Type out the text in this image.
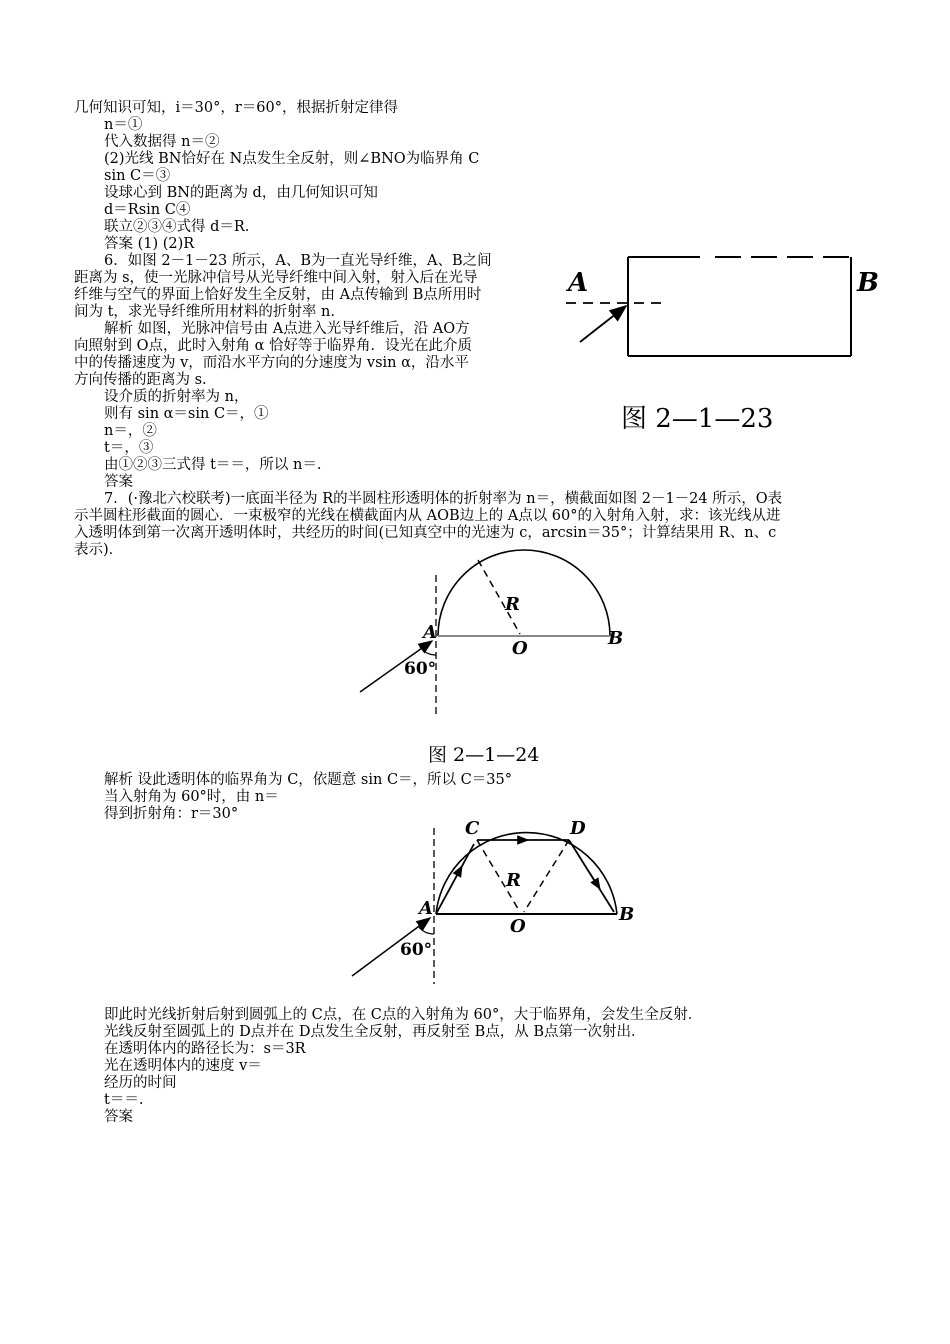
几何知识可知，i＝30°，r＝60°，根据折射定律得
n＝①
代入数据得 n＝②
(2)光线 BN恰好在 N点发生全反射，则∠BNO为临界角 C
sin C＝③
设球心到 BN的距离为 d，由几何知识可知
d＝Rsin C④
联立②③④式得 d＝R.
答案 (1) (2)R
6．如图 2－1－23 所示，A、B为一直光导纤维，A、B之间
距离为 s，使一光脉冲信号从光导纤维中间入射，射入后在光导
纤维与空气的界面上恰好发生全反射，由 A点传输到 B点所用时
间为 t，求光导纤维所用材料的折射率 n.
解析 如图，光脉冲信号由 A点进入光导纤维后，沿 AO方
向照射到 O点，此时入射角 α 恰好等于临界角．设光在此介质
中的传播速度为 v，而沿水平方向的分速度为 vsin α，沿水平
方向传播的距离为 s.
设介质的折射率为 n，
则有 sin α＝sin C＝，①
n＝，②
t＝，③
由①②③三式得 t＝＝，所以 n＝.
答案
7．(·豫北六校联考)一底面半径为 R的半圆柱形透明体的折射率为 n＝，横截面如图 2－1－24 所示，O表
示半圆柱形截面的圆心．一束极窄的光线在横截面内从 AOB边上的 A点以 60°的入射角入射，求：该光线从进
入透明体到第一次离开透明体时，共经历的时间(已知真空中的光速为 c，arcsin＝35°；计算结果用 R、n、c
表示)．
解析 设此透明体的临界角为 C，依题意 sin C＝，所以 C＝35°
当入射角为 60°时，由 n＝
得到折射角：r＝30°
即此时光线折射后射到圆弧上的 C点，在 C点的入射角为 60°，大于临界角，会发生全反射．
光线反射至圆弧上的 D点并在 D点发生全反射，再反射至 B点，从 B点第一次射出．
在透明体内的路径长为：s＝3R
光在透明体内的速度 v＝
经历的时间
t＝＝.
答案
A	B
图 2—1—23
A	B
O
R
60°
图 2—1—24
A	B
O
R
C	D
60°
